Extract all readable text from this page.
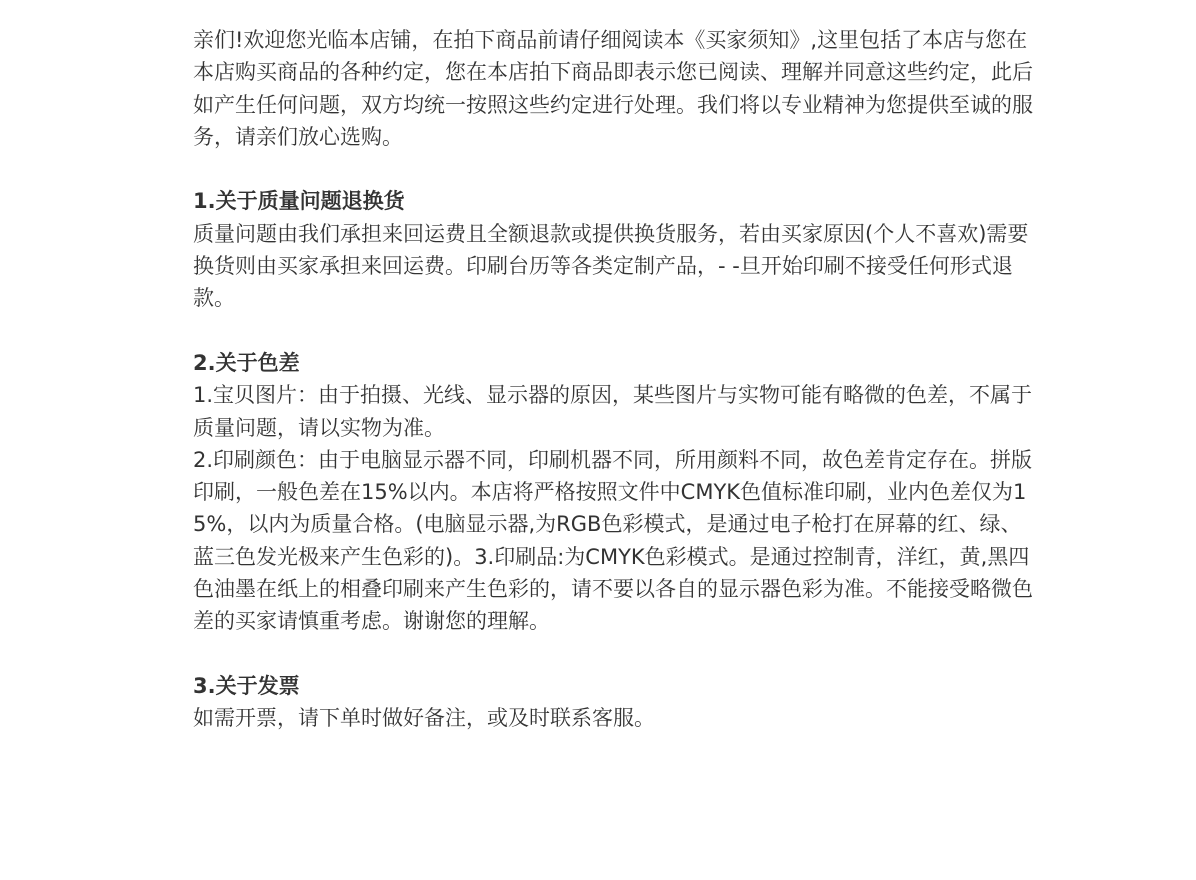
亲们!欢迎您光临本店铺，在拍下商品前请仔细阅读本《买家须知》,这里包括了本店与您在本店购买商品的各种约定，您在本店拍下商品即表示您已阅读、理解并同意这些约定，此后如产生任何问题，双方均统一按照这些约定进行处理。我们将以专业精神为您提供至诚的服务，请亲们放心选购。

1.关于质量问题退换货

质量问题由我们承担来回运费且全额退款或提供换货服务，若由买家原因(个人不喜欢)需要换货则由买家承担来回运费。印刷台历等各类定制产品，- -旦开始印刷不接受任何形式退款。

2.关于色差

1.宝贝图片：由于拍摄、光线、显示器的原因，某些图片与实物可能有略微的色差，不属于质量问题，请以实物为准。

2.印刷颜色：由于电脑显示器不同，印刷机器不同，所用颜料不同，故色差肯定存在。拼版印刷，一般色差在15%以内。本店将严格按照文件中CMYK色值标准印刷，业内色差仅为15%，以内为质量合格。(电脑显示器,为RGB色彩模式，是通过电子枪打在屏幕的红、绿、蓝三色发光极来产生色彩的)。3.印刷品:为CMYK色彩模式。是通过控制青，洋红，黄,黑四色油墨在纸上的相叠印刷来产生色彩的，请不要以各自的显示器色彩为准。不能接受略微色差的买家请慎重考虑。谢谢您的理解。

3.关于发票

如需开票，请下单时做好备注，或及时联系客服。
